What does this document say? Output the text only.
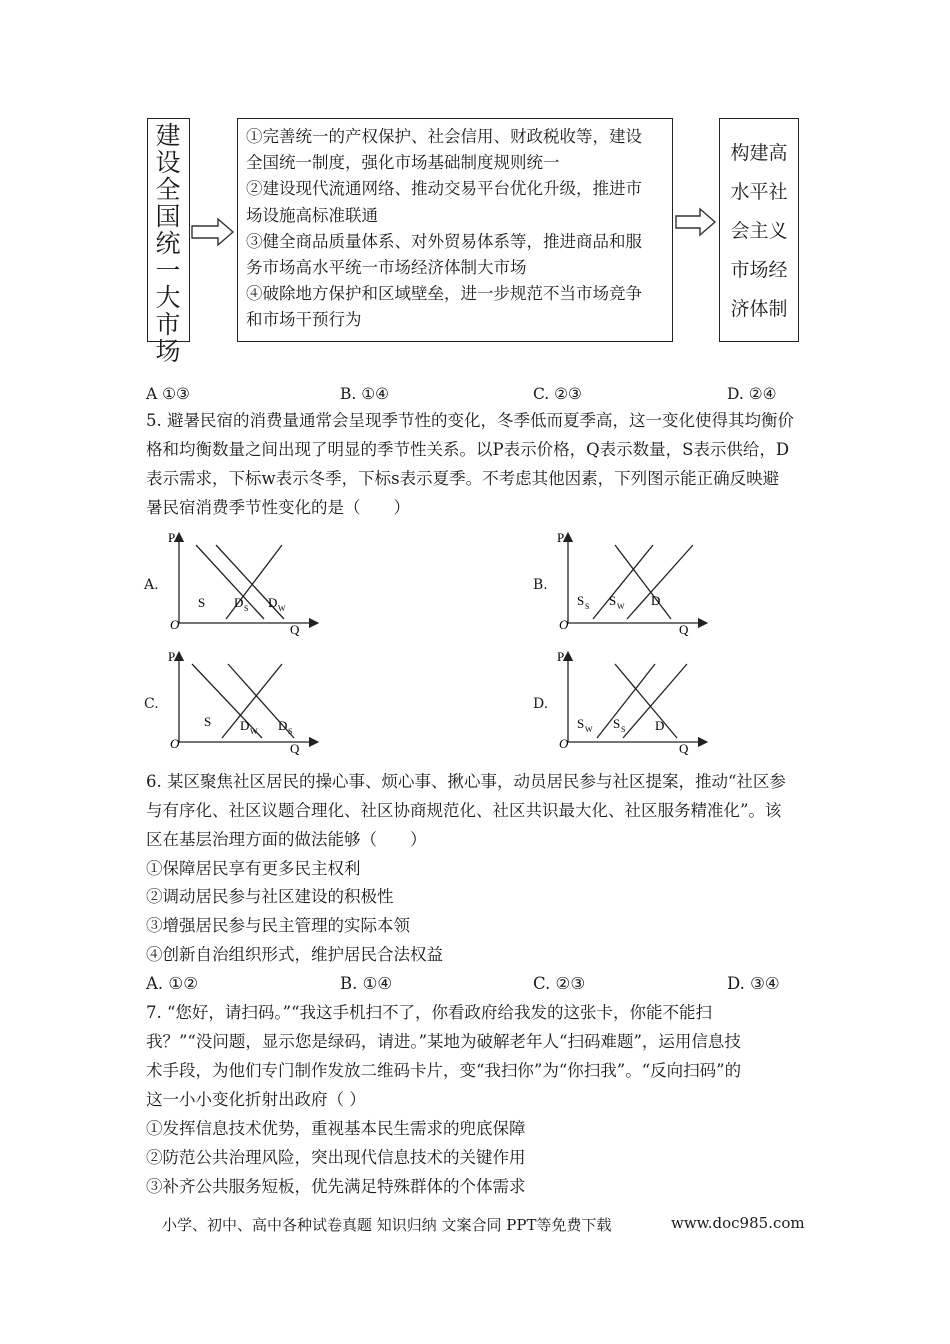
建
设
全
国
统
一
大
市
场
①完善统一的产权保护、社会信用、财政税收等，建设
全国统一制度，强化市场基础制度规则统一
②建设现代流通网络、推动交易平台优化升级，推进市
场设施高标准联通
③健全商品质量体系、对外贸易体系等，推进商品和服
务市场高水平统一市场经济体制大市场
④破除地方保护和区域壁垒，进一步规范不当市场竞争
和市场干预行为
构建高
水平社
会主义
市场经
济体制
A ①③	B. ①④	C. ②③	D. ②④
5. 避暑民宿的消费量通常会呈现季节性的变化，冬季低而夏季高，这一变化使得其均衡价
格和均衡数量之间出现了明显的季节性关系。以P表示价格，Q表示数量，S表示供给，D
表示需求，下标w表示冬季，下标s表示夏季。不考虑其他因素，下列图示能正确反映避
暑民宿消费季节性变化的是（　　）
A.
P
Q
O
S D S D W
B.
P
Q
O
S S S W D
C.
P
Q
O
S D W D S
D.
P
Q
O
S W S S D
6. 某区聚焦社区居民的操心事、烦心事、揪心事，动员居民参与社区提案，推动“社区参
与有序化、社区议题合理化、社区协商规范化、社区共识最大化、社区服务精准化”。该
区在基层治理方面的做法能够（　　）
①保障居民享有更多民主权利
②调动居民参与社区建设的积极性
③增强居民参与民主管理的实际本领
④创新自治组织形式，维护居民合法权益
A. ①②	B. ①④	C. ②③	D. ③④
7. “您好，请扫码。”“我这手机扫不了，你看政府给我发的这张卡，你能不能扫
我？”“没问题，显示您是绿码，请进。”某地为破解老年人“扫码难题”，运用信息技
术手段，为他们专门制作发放二维码卡片，变“我扫你”为“你扫我”。“反向扫码”的
这一小小变化折射出政府（ ）
①发挥信息技术优势，重视基本民生需求的兜底保障
②防范公共治理风险，突出现代信息技术的关键作用
③补齐公共服务短板，优先满足特殊群体的个体需求
小学、初中、高中各种试卷真题 知识归纳 文案合同 PPT等免费下载	www.doc985.com
